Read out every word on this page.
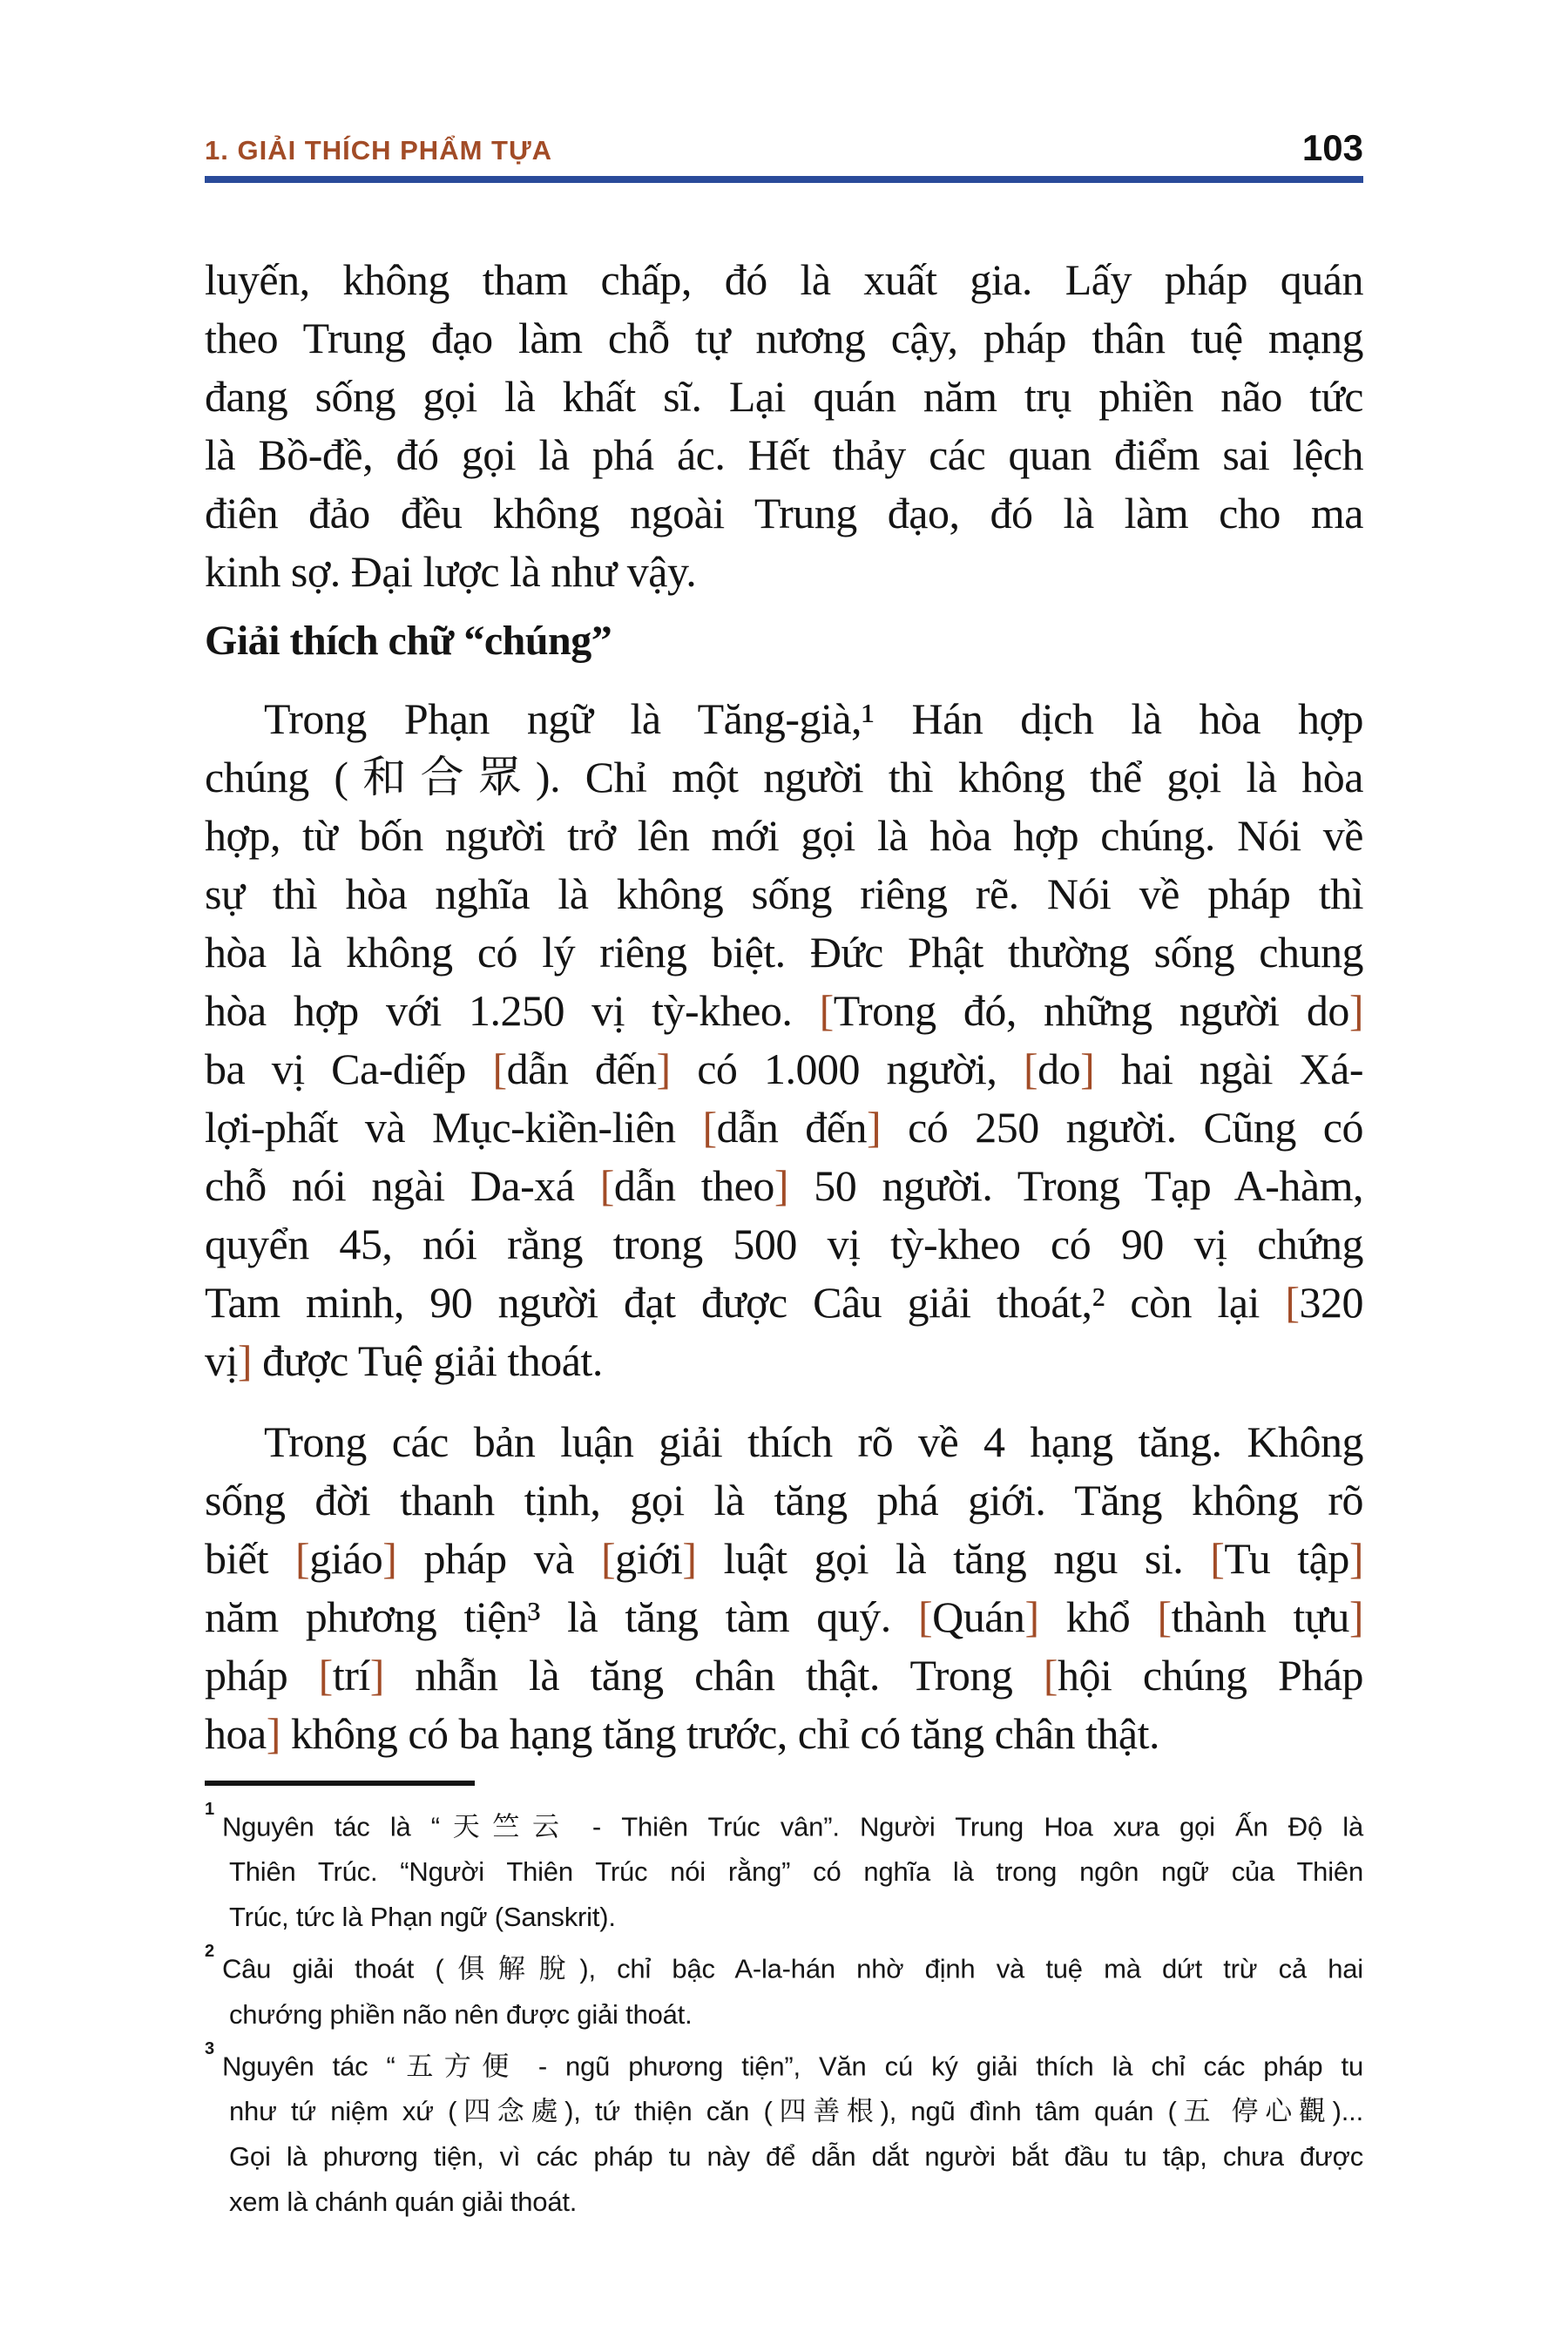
1. GIẢI THÍCH PHẨM TỰA	103
luyến, không tham chấp, đó là xuất gia. Lấy pháp quán
theo Trung đạo làm chỗ tự nương cậy, pháp thân tuệ mạng
đang sống gọi là khất sĩ. Lại quán năm trụ phiền não tức
là Bồ-đề, đó gọi là phá ác. Hết thảy các quan điểm sai lệch
điên đảo đều không ngoài Trung đạo, đó là làm cho ma
kinh sợ. Đại lược là như vậy.
Giải thích chữ “chúng”
Trong Phạn ngữ là Tăng-già,¹ Hán dịch là hòa hợp
chúng (和合眾). Chỉ một người thì không thể gọi là hòa
hợp, từ bốn người trở lên mới gọi là hòa hợp chúng. Nói về
sự thì hòa nghĩa là không sống riêng rẽ. Nói về pháp thì
hòa là không có lý riêng biệt. Đức Phật thường sống chung
hòa hợp với 1.250 vị tỳ-kheo. [Trong đó, những người do]
ba vị Ca-diếp [dẫn đến] có 1.000 người, [do] hai ngài Xá-
lợi-phất và Mục-kiền-liên [dẫn đến] có 250 người. Cũng có
chỗ nói ngài Da-xá [dẫn theo] 50 người. Trong Tạp A-hàm,
quyển 45, nói rằng trong 500 vị tỳ-kheo có 90 vị chứng
Tam minh, 90 người đạt được Câu giải thoát,² còn lại [320
vị] được Tuệ giải thoát.
Trong các bản luận giải thích rõ về 4 hạng tăng. Không
sống đời thanh tịnh, gọi là tăng phá giới. Tăng không rõ
biết [giáo] pháp và [giới] luật gọi là tăng ngu si. [Tu tập]
năm phương tiện³ là tăng tàm quý. [Quán] khổ [thành tựu]
pháp [trí] nhẫn là tăng chân thật. Trong [hội chúng Pháp
hoa] không có ba hạng tăng trước, chỉ có tăng chân thật.
$^1$Nguyên tác là “天竺云 - Thiên Trúc vân”. Người Trung Hoa xưa gọi Ấn Độ là
Thiên Trúc. “Người Thiên Trúc nói rằng” có nghĩa là trong ngôn ngữ của Thiên
Trúc, tức là Phạn ngữ (Sanskrit).
$^2$Câu giải thoát (俱解脫), chỉ bậc A-la-hán nhờ định và tuệ mà dứt trừ cả hai
chướng phiền não nên được giải thoát.
$^3$Nguyên tác “五方便 - ngũ phương tiện”, Văn cú ký giải thích là chỉ các pháp tu
như tứ niệm xứ (四念處), tứ thiện căn (四善根), ngũ đình tâm quán (五 停心觀)...
Gọi là phương tiện, vì các pháp tu này để dẫn dắt người bắt đầu tu tập, chưa được
xem là chánh quán giải thoát.
